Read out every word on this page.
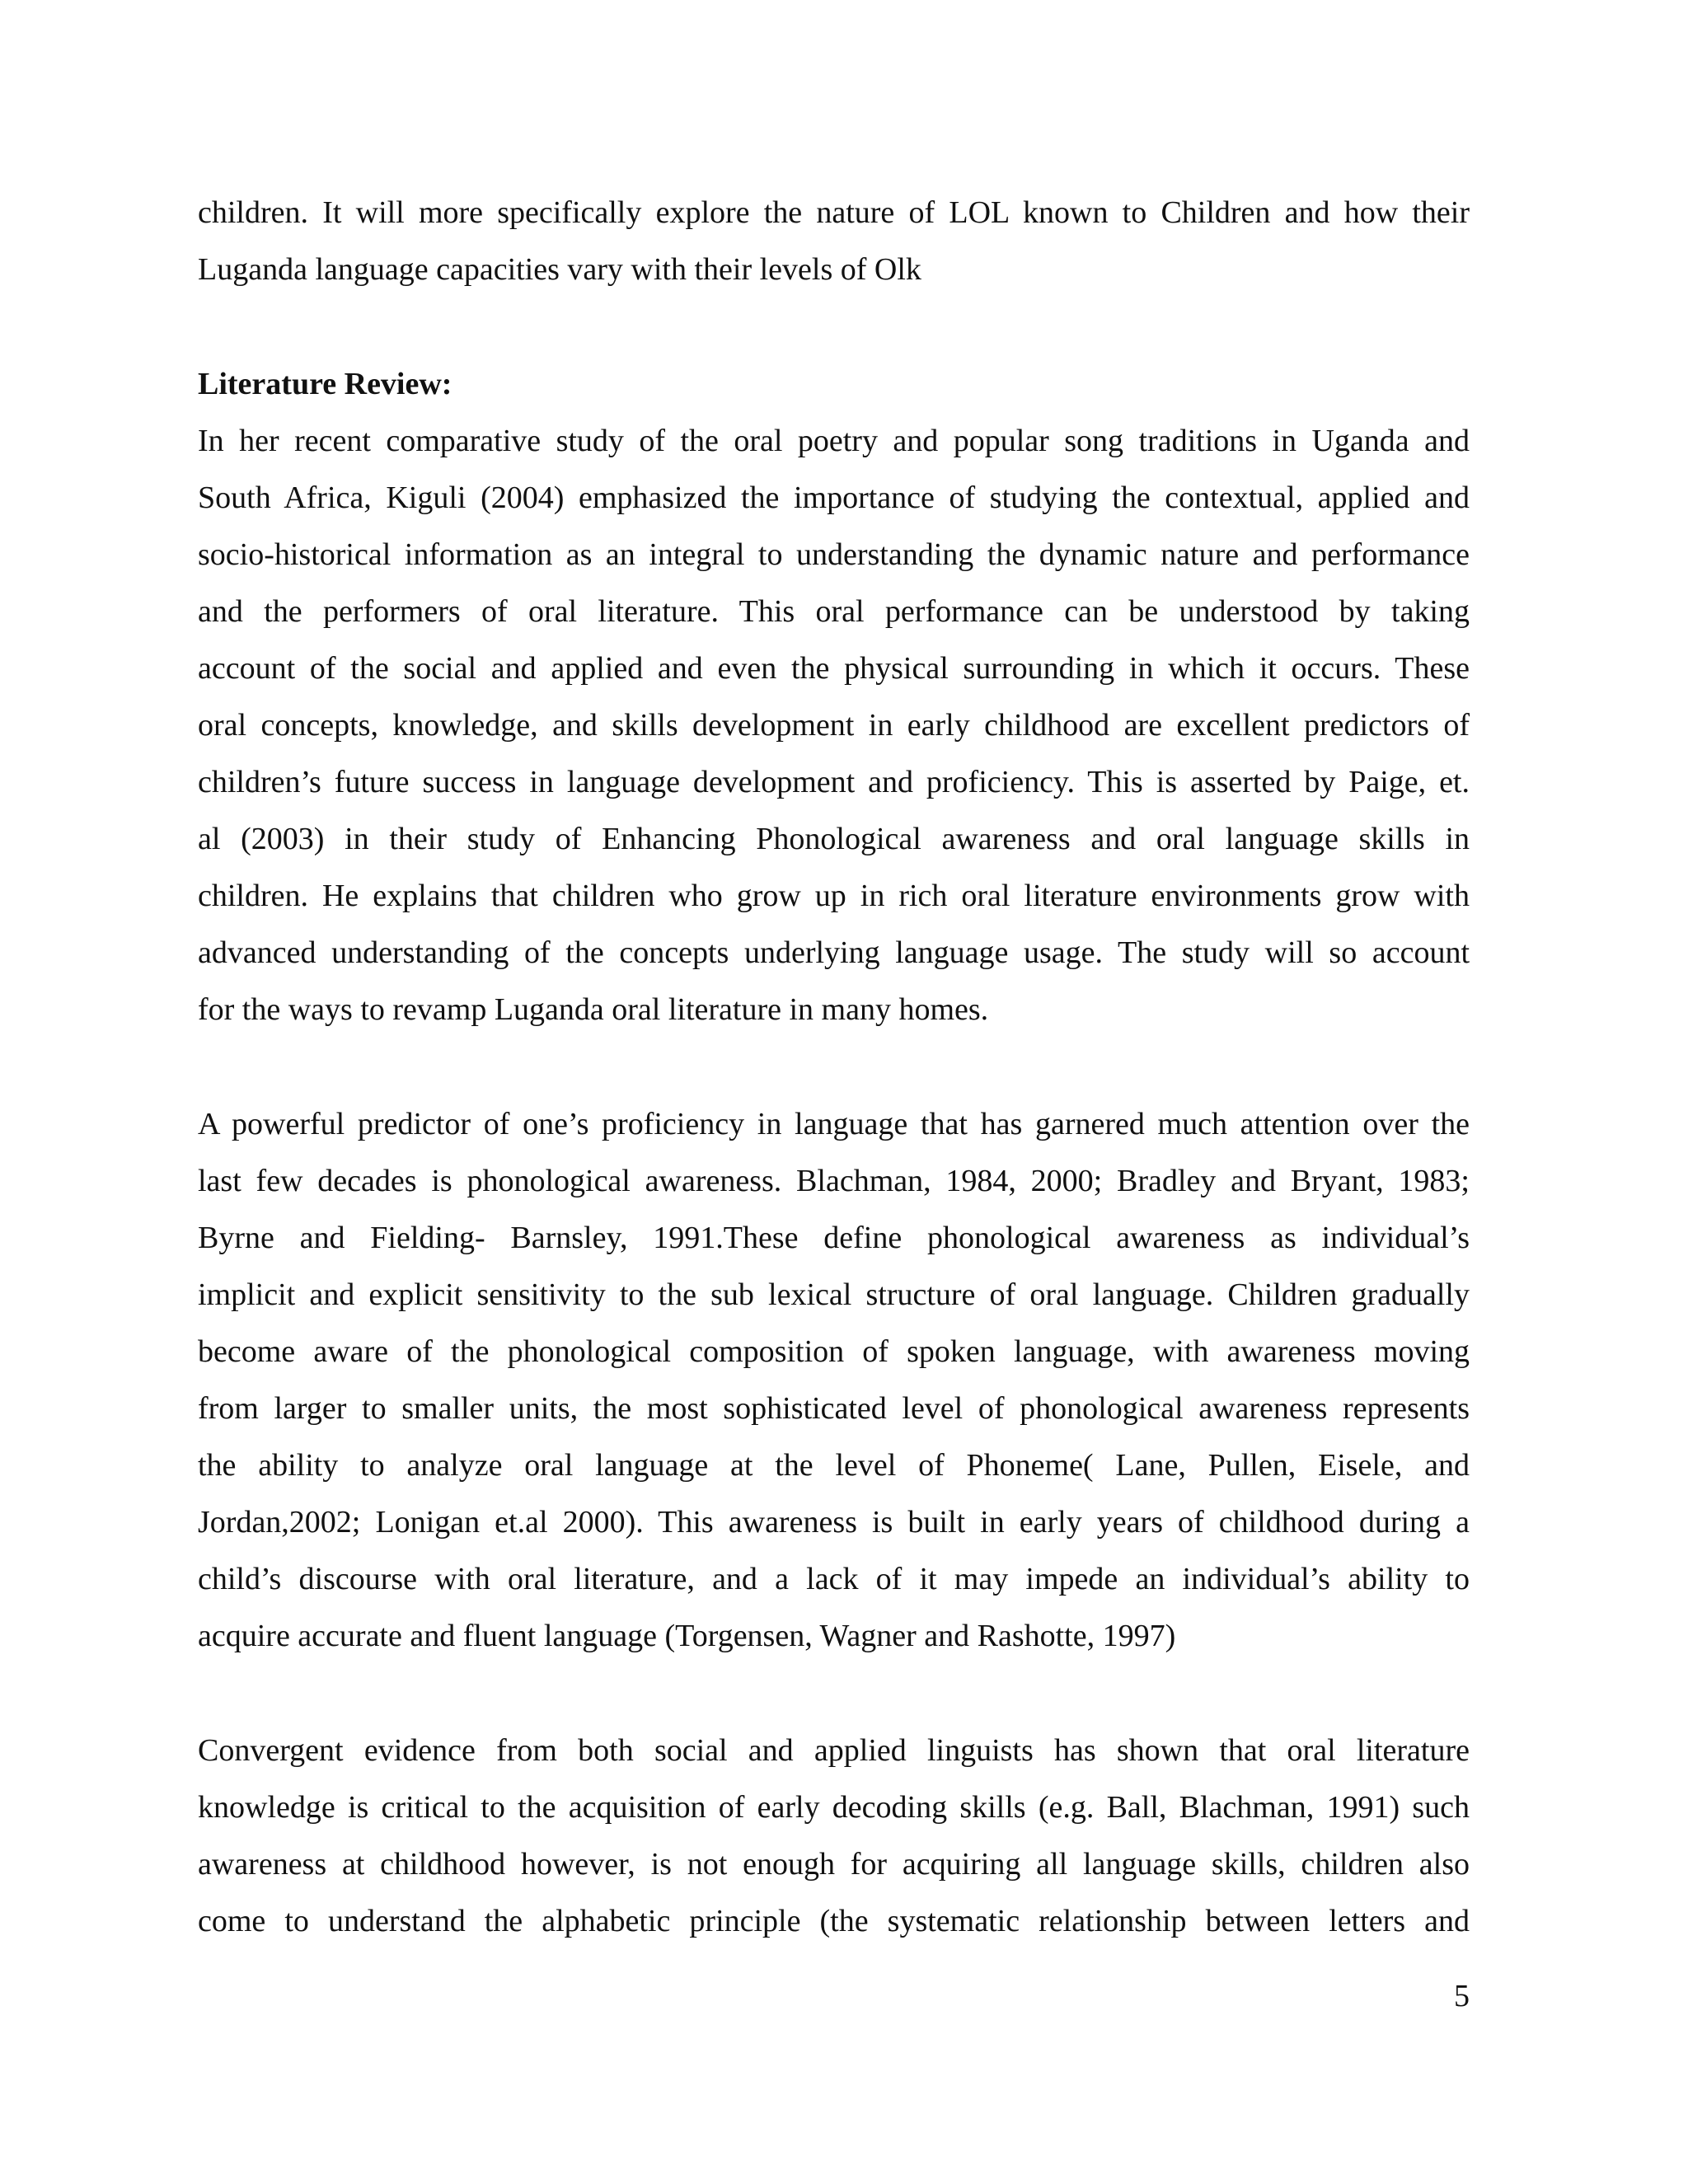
children. It will more specifically explore the nature of LOL known to Children and how their
Luganda language capacities vary with their levels of Olk
Literature Review:
In her recent comparative study of the oral poetry and popular song traditions in Uganda and
South Africa, Kiguli (2004) emphasized the importance of studying the contextual, applied and
socio-historical information as an integral to understanding the dynamic nature and performance
and the performers of oral literature. This oral performance can be understood by taking
account of the social and applied and even the physical surrounding in which it occurs. These
oral concepts, knowledge, and skills development in early childhood are excellent predictors of
children’s future success in language development and proficiency. This is asserted by Paige, et.
al (2003) in their study of Enhancing Phonological awareness and oral language skills in
children. He explains that children who grow up in rich oral literature environments grow with
advanced understanding of the concepts underlying language usage. The study will so account
for the ways to revamp Luganda oral literature in many homes.
A powerful predictor of one’s proficiency in language that has garnered much attention over the
last few decades is phonological awareness. Blachman, 1984, 2000; Bradley and Bryant, 1983;
Byrne and Fielding- Barnsley, 1991.These define phonological awareness as individual’s
implicit and explicit sensitivity to the sub lexical structure of oral language. Children gradually
become aware of the phonological composition of spoken language, with awareness moving
from larger to smaller units, the most sophisticated level of phonological awareness represents
the ability to analyze oral language at the level of Phoneme( Lane, Pullen, Eisele, and
Jordan,2002; Lonigan et.al 2000). This awareness is built in early years of childhood during a
child’s discourse with oral literature, and a lack of it may impede an individual’s ability to
acquire accurate and fluent language (Torgensen, Wagner and Rashotte, 1997)
Convergent evidence from both social and applied linguists has shown that oral literature
knowledge is critical to the acquisition of early decoding skills (e.g. Ball, Blachman, 1991) such
awareness at childhood however, is not enough for acquiring all language skills, children also
come to understand the alphabetic principle (the systematic relationship between letters and
5
